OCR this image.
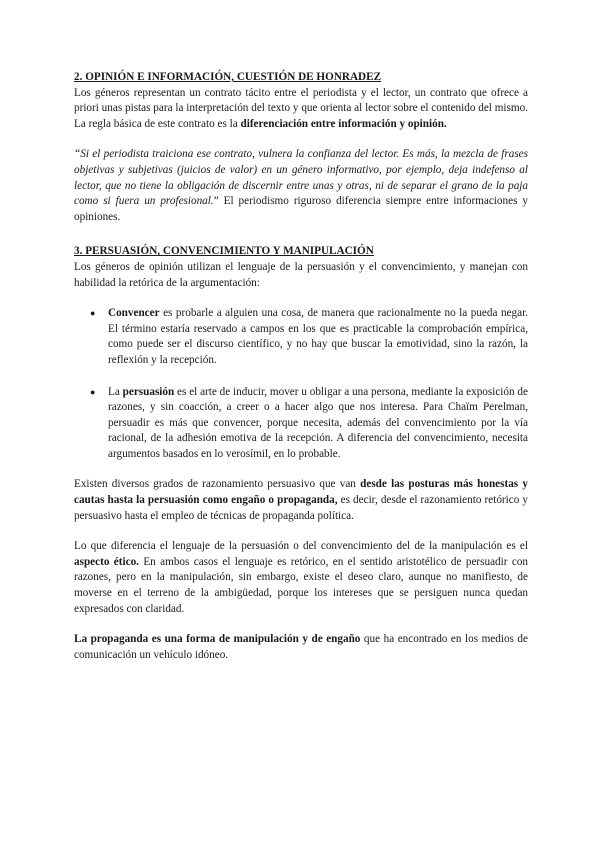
2. OPINIÓN E INFORMACIÓN, CUESTIÓN DE HONRADEZ

Los géneros representan un contrato tácito entre el periodista y el lector, un contrato que ofrece a priori unas pistas para la interpretación del texto y que orienta al lector sobre el contenido del mismo. La regla básica de este contrato es la diferenciación entre información y opinión.

“Si el periodista traiciona ese contrato, vulnera la confianza del lector. Es más, la mezcla de frases objetivas y subjetivas (juicios de valor) en un género informativo, por ejemplo, deja indefenso al lector, que no tiene la obligación de discernir entre unas y otras, ni de separar el grano de la paja como si fuera un profesional.” El periodismo riguroso diferencia siempre entre informaciones y opiniones.

3. PERSUASIÓN, CONVENCIMIENTO Y MANIPULACIÓN

Los géneros de opinión utilizan el lenguaje de la persuasión y el convencimiento, y manejan con habilidad la retórica de la argumentación:

● Convencer es probarle a alguien una cosa, de manera que racionalmente no la pueda negar. El término estaría reservado a campos en los que es practicable la comprobación empírica, como puede ser el discurso científico, y no hay que buscar la emotividad, sino la razón, la reflexión y la recepción.
● La persuasión es el arte de inducir, mover u obligar a una persona, mediante la exposición de razones, y sin coacción, a creer o a hacer algo que nos interesa. Para Chaïm Perelman, persuadir es más que convencer, porque necesita, además del convencimiento por la vía racional, de la adhesión emotiva de la recepción. A diferencia del convencimiento, necesita argumentos basados en lo verosímil, en lo probable.

Existen diversos grados de razonamiento persuasivo que van desde las posturas más honestas y cautas hasta la persuasión como engaño o propaganda, es decir, desde el razonamiento retórico y persuasivo hasta el empleo de técnicas de propaganda política.

Lo que diferencia el lenguaje de la persuasión o del convencimiento del de la manipulación es el aspecto ético. En ambos casos el lenguaje es retórico, en el sentido aristotélico de persuadir con razones, pero en la manipulación, sin embargo, existe el deseo claro, aunque no manifiesto, de moverse en el terreno de la ambigüedad, porque los intereses que se persiguen nunca quedan expresados con claridad.

La propaganda es una forma de manipulación y de engaño que ha encontrado en los medios de comunicación un vehículo idóneo.
